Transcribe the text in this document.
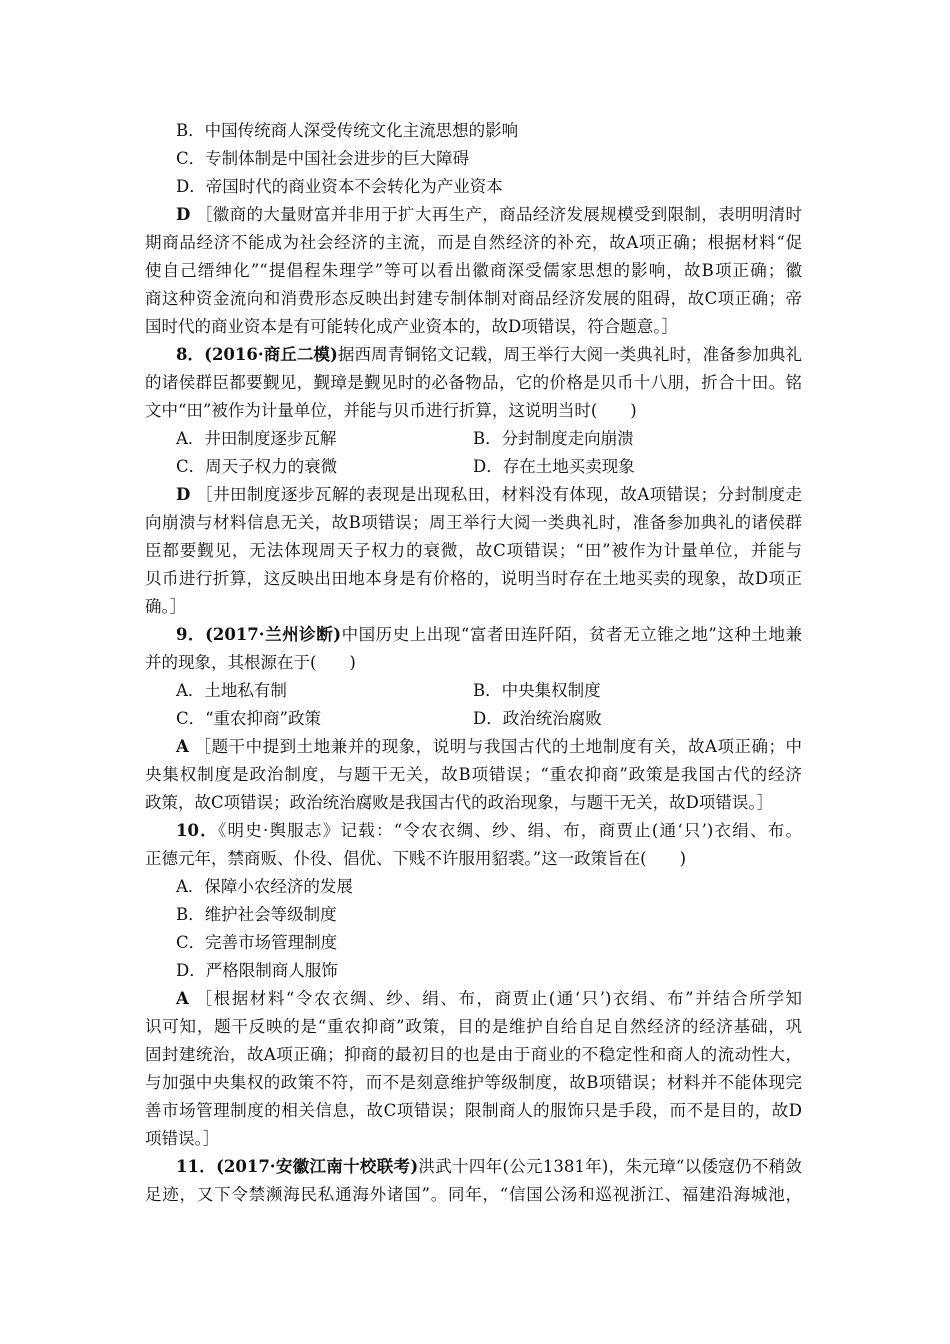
B．中国传统商人深受传统文化主流思想的影响
C．专制体制是中国社会进步的巨大障碍
D．帝国时代的商业资本不会转化为产业资本
D ［徽商的大量财富并非用于扩大再生产，商品经济发展规模受到限制，表明明清时
期商品经济不能成为社会经济的主流，而是自然经济的补充，故A项正确；根据材料“促
使自己缙绅化”“提倡程朱理学”等可以看出徽商深受儒家思想的影响，故B项正确；徽
商这种资金流向和消费形态反映出封建专制体制对商品经济发展的阻碍，故C项正确；帝
国时代的商业资本是有可能转化成产业资本的，故D项错误，符合题意。］
8．(2016·商丘二模)据西周青铜铭文记载，周王举行大阅一类典礼时，准备参加典礼
的诸侯群臣都要觐见，觐璋是觐见时的必备物品，它的价格是贝币十八朋，折合十田。铭
文中“田”被作为计量单位，并能与贝币进行折算，这说明当时(　　)
A．井田制度逐步瓦解	B．分封制度走向崩溃
C．周天子权力的衰微	D．存在土地买卖现象
D ［井田制度逐步瓦解的表现是出现私田，材料没有体现，故A项错误；分封制度走
向崩溃与材料信息无关，故B项错误；周王举行大阅一类典礼时，准备参加典礼的诸侯群
臣都要觐见，无法体现周天子权力的衰微，故C项错误；“田”被作为计量单位，并能与
贝币进行折算，这反映出田地本身是有价格的，说明当时存在土地买卖的现象，故D项正
确。］
9．(2017·兰州诊断)中国历史上出现“富者田连阡陌，贫者无立锥之地”这种土地兼
并的现象，其根源在于(　　)
A．土地私有制	B．中央集权制度
C．“重农抑商”政策	D．政治统治腐败
A ［题干中提到土地兼并的现象，说明与我国古代的土地制度有关，故A项正确；中
央集权制度是政治制度，与题干无关，故B项错误；“重农抑商”政策是我国古代的经济
政策，故C项错误；政治统治腐败是我国古代的政治现象，与题干无关，故D项错误。］
10．《明史·舆服志》记载：“令农衣绸、纱、绢、布，商贾止(通‘只’)衣绢、布。
正德元年，禁商贩、仆役、倡优、下贱不许服用貂裘。”这一政策旨在(　　)
A．保障小农经济的发展
B．维护社会等级制度
C．完善市场管理制度
D．严格限制商人服饰
A ［根据材料“令农衣绸、纱、绢、布，商贾止(通‘只’)衣绢、布”并结合所学知
识可知，题干反映的是“重农抑商”政策，目的是维护自给自足自然经济的经济基础，巩
固封建统治，故A项正确；抑商的最初目的也是由于商业的不稳定性和商人的流动性大，
与加强中央集权的政策不符，而不是刻意维护等级制度，故B项错误；材料并不能体现完
善市场管理制度的相关信息，故C项错误；限制商人的服饰只是手段，而不是目的，故D
项错误。］
11．(2017·安徽江南十校联考)洪武十四年(公元1381年)，朱元璋“以倭寇仍不稍敛
足迹，又下令禁濒海民私通海外诸国”。同年，“信国公汤和巡视浙江、福建沿海城池，
